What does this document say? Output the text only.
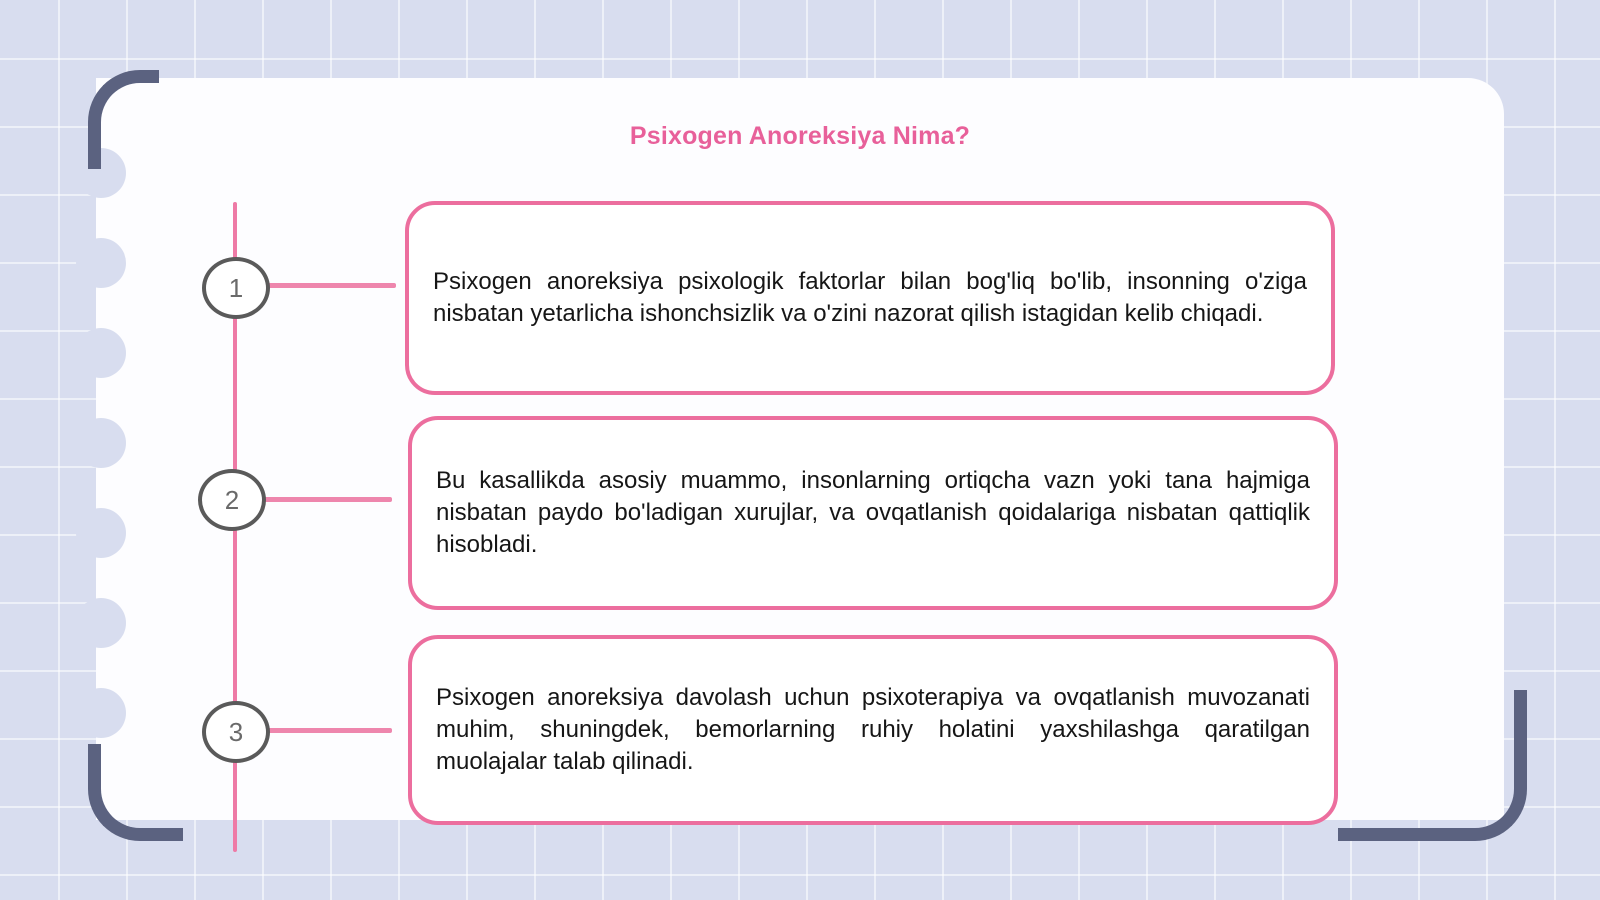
Psixogen Anoreksiya Nima?
1	Psixogen anoreksiya psixologik faktorlar bilan bog'liq bo'lib, insonning o'ziga nisbatan yetarlicha ishonchsizlik va o'zini nazorat qilish istagidan kelib chiqadi.
2
Bu kasallikda asosiy muammo, insonlarning ortiqcha vazn yoki tana hajmiga nisbatan paydo bo'ladigan xurujlar, va ovqatlanish qoidalariga nisbatan qattiqlik hisobladi.
3
Psixogen anoreksiya davolash uchun psixoterapiya va ovqatlanish muvozanati muhim, shuningdek, bemorlarning ruhiy holatini yaxshilashga qaratilgan muolajalar talab qilinadi.
